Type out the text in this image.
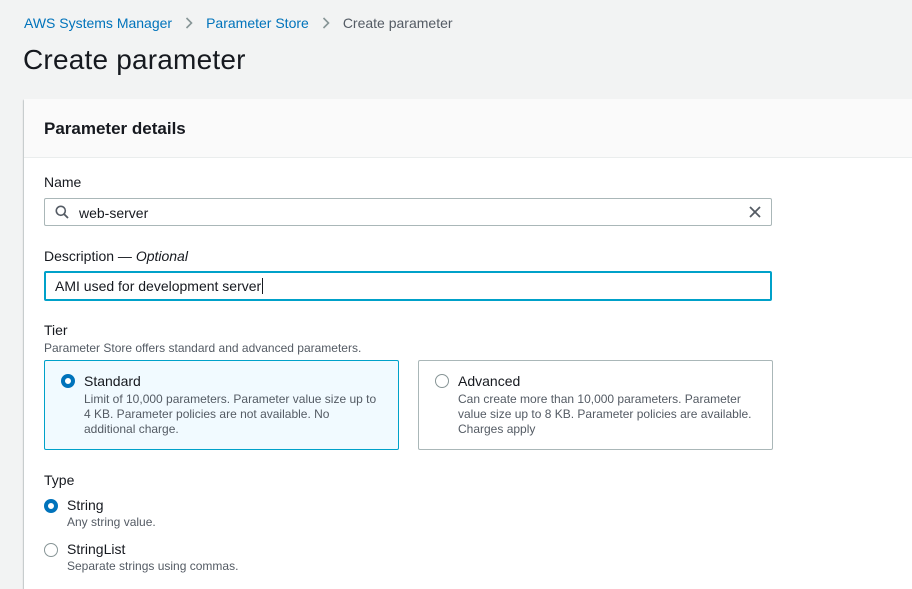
AWS Systems Manager Parameter Store Create parameter
Create parameter
Parameter details
Name
web-server
Description — Optional
AMI used for development server
Tier
Parameter Store offers standard and advanced parameters.
Standard
Limit of 10,000 parameters. Parameter value size up to
4 KB. Parameter policies are not available. No
additional charge.
Advanced
Can create more than 10,000 parameters. Parameter
value size up to 8 KB. Parameter policies are available.
Charges apply
Type
String
Any string value.
StringList
Separate strings using commas.
